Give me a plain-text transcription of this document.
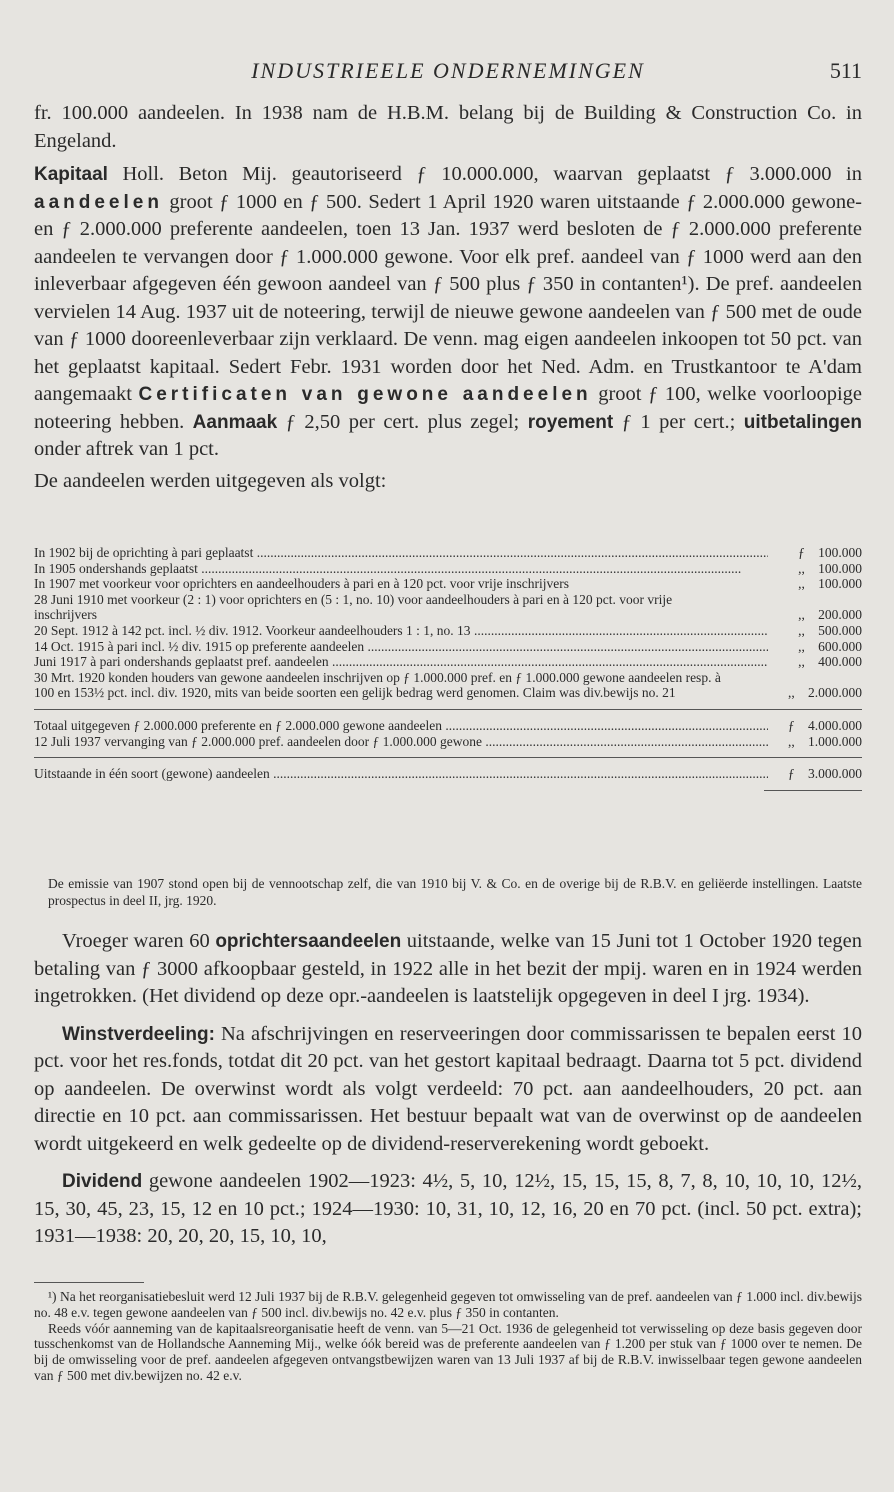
INDUSTRIEELE ONDERNEMINGEN	511

fr. 100.000 aandeelen. In 1938 nam de H.B.M. belang bij de Building & Construction Co. in Engeland.

Kapitaal Holl. Beton Mij. geautoriseerd ƒ 10.000.000, waarvan geplaatst ƒ 3.000.000 in aandeelen groot ƒ 1000 en ƒ 500. Sedert 1 April 1920 waren uitstaande ƒ 2.000.000 gewone- en ƒ 2.000.000 preferente aandeelen, toen 13 Jan. 1937 werd besloten de ƒ 2.000.000 preferente aandeelen te vervangen door ƒ 1.000.000 gewone. Voor elk pref. aandeel van ƒ 1000 werd aan den inleverbaar afgegeven één gewoon aandeel van ƒ 500 plus ƒ 350 in contanten¹). De pref. aandeelen vervielen 14 Aug. 1937 uit de noteering, terwijl de nieuwe gewone aandeelen van ƒ 500 met de oude van ƒ 1000 dooreenleverbaar zijn verklaard. De venn. mag eigen aandeelen inkoopen tot 50 pct. van het geplaatst kapitaal. Sedert Febr. 1931 worden door het Ned. Adm. en Trustkantoor te A'dam aangemaakt Certificaten van gewone aandeelen groot ƒ 100, welke voorloopige noteering hebben. Aanmaak ƒ 2,50 per cert. plus zegel; royement ƒ 1 per cert.; uitbetalingen onder aftrek van 1 pct.

De aandeelen werden uitgegeven als volgt:

In 1902 bij de oprichting à pari geplaatst .....	ƒ 100.000
In 1905 ondershands geplaatst .....	,, 100.000
In 1907 met voorkeur voor oprichters en aandeelhouders à pari en à 120 pct. voor vrije inschrijvers	,, 100.000
28 Juni 1910 met voorkeur (2 : 1) voor oprichters en (5 : 1, no. 10) voor aandeelhouders à pari en à 120 pct. voor vrije inschrijvers	,, 200.000
20 Sept. 1912 à 142 pct. incl. ½ div. 1912. Voorkeur aandeelhouders 1 : 1, no. 13 .....	,, 500.000
14 Oct. 1915 à pari incl. ½ div. 1915 op preferente aandeelen .....	,, 600.000
Juni 1917 à pari ondershands geplaatst pref. aandeelen .....	,, 400.000
30 Mrt. 1920 konden houders van gewone aandeelen inschrijven op ƒ 1.000.000 pref. en ƒ 1.000.000 gewone aandeelen resp. à 100 en 153½ pct. incl. div. 1920, mits van beide soorten een gelijk bedrag werd genomen. Claim was div.bewijs no. 21	,, 2.000.000
Totaal uitgegeven ƒ 2.000.000 preferente en ƒ 2.000.000 gewone aandeelen .....	ƒ 4.000.000
12 Juli 1937 vervanging van ƒ 2.000.000 pref. aandeelen door ƒ 1.000.000 gewone .....	,, 1.000.000
Uitstaande in één soort (gewone) aandeelen .....	ƒ 3.000.000

De emissie van 1907 stond open bij de vennootschap zelf, die van 1910 bij V. & Co. en de overige bij de R.B.V. en geliëerde instellingen. Laatste prospectus in deel II, jrg. 1920.

Vroeger waren 60 oprichtersaandeelen uitstaande, welke van 15 Juni tot 1 October 1920 tegen betaling van ƒ 3000 afkoopbaar gesteld, in 1922 alle in het bezit der mpij. waren en in 1924 werden ingetrokken. (Het dividend op deze opr.-aandeelen is laatstelijk opgegeven in deel I jrg. 1934).

Winstverdeeling: Na afschrijvingen en reserveeringen door commissarissen te bepalen eerst 10 pct. voor het res.fonds, totdat dit 20 pct. van het gestort kapitaal bedraagt. Daarna tot 5 pct. dividend op aandeelen. De overwinst wordt als volgt verdeeld: 70 pct. aan aandeelhouders, 20 pct. aan directie en 10 pct. aan commissarissen. Het bestuur bepaalt wat van de overwinst op de aandeelen wordt uitgekeerd en welk gedeelte op de dividend-reserverekening wordt geboekt.

Dividend gewone aandeelen 1902—1923: 4½, 5, 10, 12½, 15, 15, 15, 8, 7, 8, 10, 10, 10, 12½, 15, 30, 45, 23, 15, 12 en 10 pct.; 1924—1930: 10, 31, 10, 12, 16, 20 en 70 pct. (incl. 50 pct. extra); 1931—1938: 20, 20, 20, 15, 10, 10,

¹) Na het reorganisatiebesluit werd 12 Juli 1937 bij de R.B.V. gelegenheid gegeven tot omwisseling van de pref. aandeelen van ƒ 1.000 incl. div.bewijs no. 48 e.v. tegen gewone aandeelen van ƒ 500 incl. div.bewijs no. 42 e.v. plus ƒ 350 in contanten.

Reeds vóór aanneming van de kapitaalsreorganisatie heeft de venn. van 5—21 Oct. 1936 de gelegenheid tot verwisseling op deze basis gegeven door tusschenkomst van de Hollandsche Aanneming Mij., welke óók bereid was de preferente aandeelen van ƒ 1.200 per stuk van ƒ 1000 over te nemen. De bij de omwisseling voor de pref. aandeelen afgegeven ontvangstbewijzen waren van 13 Juli 1937 af bij de R.B.V. inwisselbaar tegen gewone aandeelen van ƒ 500 met div.bewijzen no. 42 e.v.
